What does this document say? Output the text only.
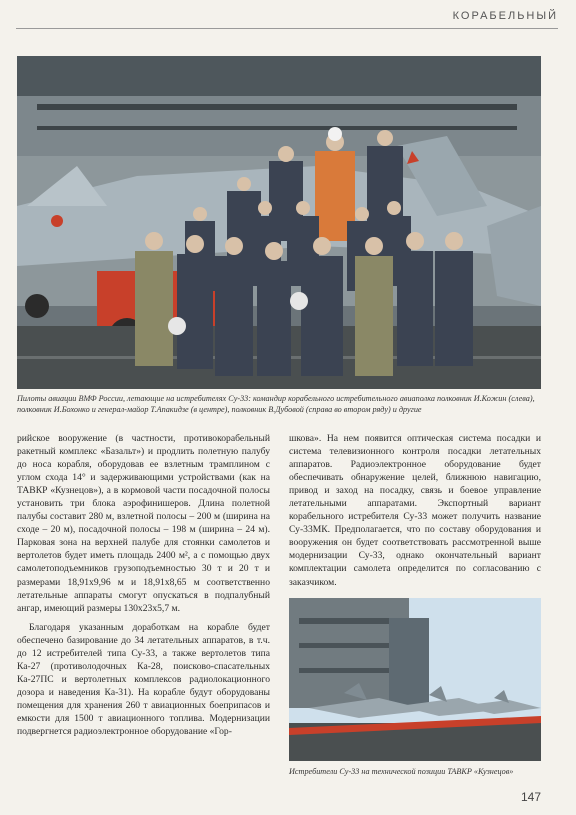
КОРАБЕЛЬНЫЙ
Пилоты авиации ВМФ России, летающие на истребителях Су-33: командир корабельного истребительного авиаполка полковник И.Кожин (слева), полковник И.Бохонко и генерал-майор Т.Апакидзе (в центре), полковник В.Дубовой (справа во втором ряду) и другие

рийское вооружение (в частности, противокорабельный ракетный комплекс «Базальт») и продлить полетную палубу до носа корабля, оборудовав ее взлетным трамплином с углом схода 14° и задерживающими устройствами (как на ТАВКР «Кузнецов»), а в кормовой части посадочной полосы установить три блока аэрофинишеров. Длина полетной палубы составит 280 м, взлетной полосы – 200 м (ширина на сходе – 20 м), посадочной полосы – 198 м (ширина – 24 м). Парковая зона на верхней палубе для стоянки самолетов и вертолетов будет иметь площадь 2400 м², а с помощью двух самолетоподъемников грузоподъемностью 30 т и 20 т и размерами 18,91х9,96 м и 18,91х8,65 м соответственно летательные аппараты смогут опускаться в подпалубный ангар, имеющий размеры 130х23х5,7 м.

Благодаря указанным доработкам на корабле будет обеспечено базирование до 34 летательных аппаратов, в т.ч. до 12 истребителей типа Су-33, а также вертолетов типа Ка-27 (противолодочных Ка-28, поисково-спасательных Ка-27ПС и вертолетных комплексов радиолокационного дозора и наведения Ка-31). На корабле будут оборудованы помещения для хранения 260 т авиационных боеприпасов и емкости для 1500 т авиационного топлива. Модернизации подвергнется радиоэлектронное оборудование «Гор-

шкова». На нем появится оптическая система посадки и система телевизионного контроля посадки летательных аппаратов. Радиоэлектронное оборудование будет обеспечивать обнаружение целей, ближнюю навигацию, привод и заход на посадку, связь и боевое управление летательными аппаратами. Экспортный вариант корабельного истребителя Су-33 может получить название Су-33МК. Предполагается, что по составу оборудования и вооружения он будет соответствовать рассмотренной выше модернизации Су-33, однако окончательный вариант комплектации самолета определится по согласованию с заказчиком.

Истребители Су-33 на технической позиции ТАВКР «Кузнецов»
147
